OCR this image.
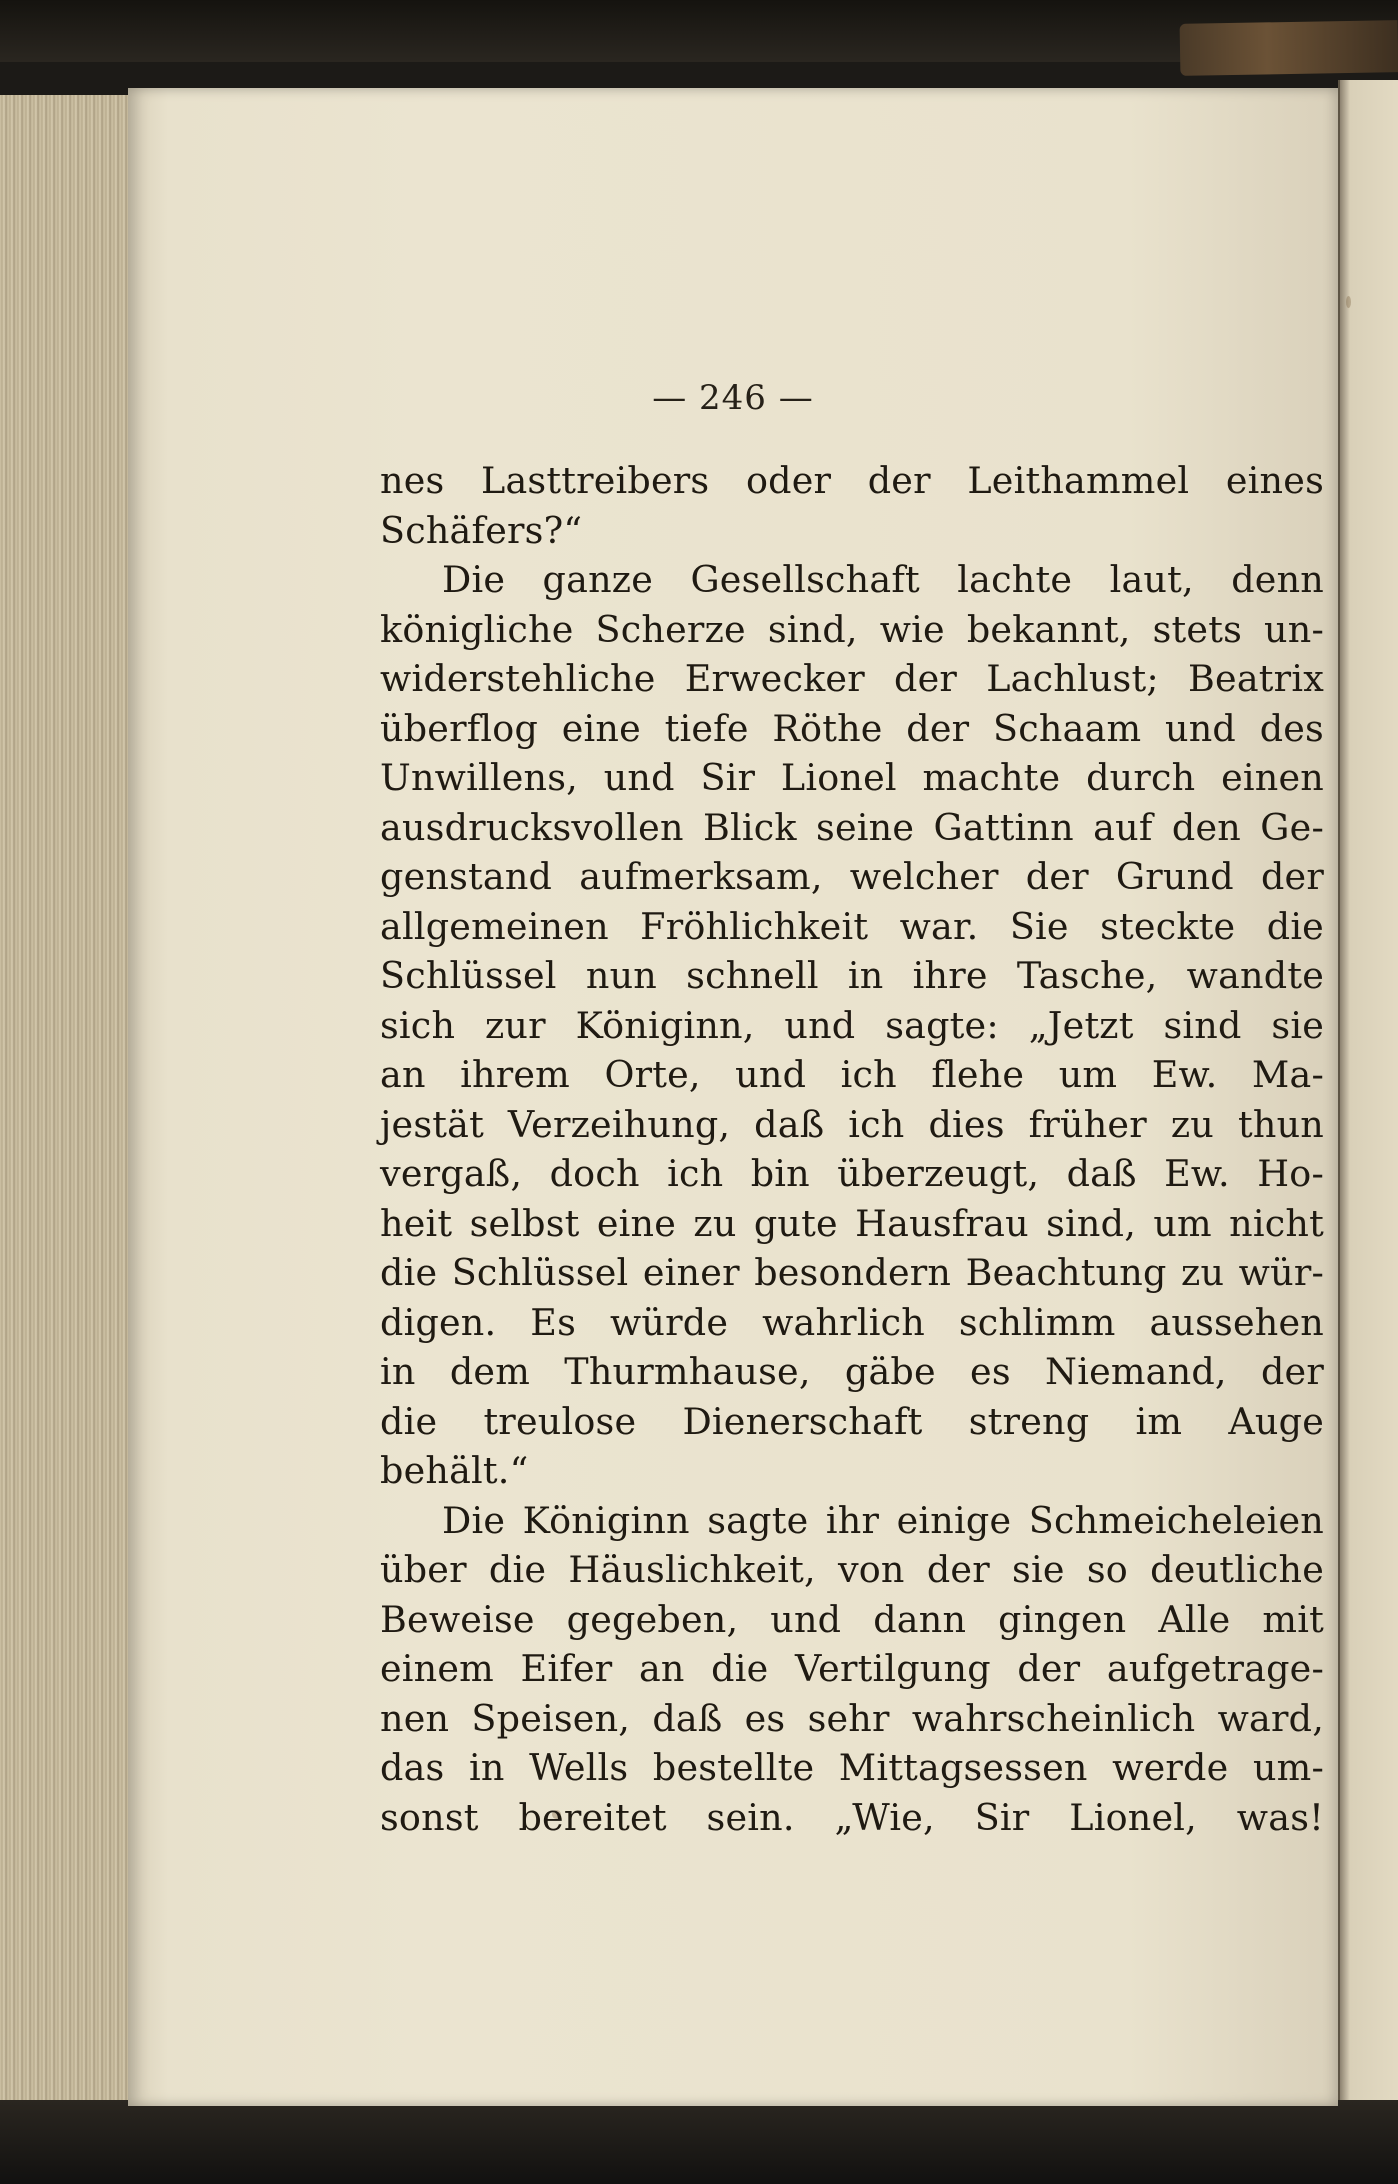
— 246 —
nes Lasttreibers oder der Leithammel eines
Schäfers?“
Die ganze Gesellschaft lachte laut, denn
königliche Scherze sind, wie bekannt, stets un-
widerstehliche Erwecker der Lachlust; Beatrix
überflog eine tiefe Röthe der Schaam und des
Unwillens, und Sir Lionel machte durch einen
ausdrucksvollen Blick seine Gattinn auf den Ge-
genstand aufmerksam, welcher der Grund der
allgemeinen Fröhlichkeit war. Sie steckte die
Schlüssel nun schnell in ihre Tasche, wandte
sich zur Königinn, und sagte: „Jetzt sind sie
an ihrem Orte, und ich flehe um Ew. Ma-
jestät Verzeihung, daß ich dies früher zu thun
vergaß, doch ich bin überzeugt, daß Ew. Ho-
heit selbst eine zu gute Hausfrau sind, um nicht
die Schlüssel einer besondern Beachtung zu wür-
digen. Es würde wahrlich schlimm aussehen
in dem Thurmhause, gäbe es Niemand, der
die treulose Dienerschaft streng im Auge
behält.“
Die Königinn sagte ihr einige Schmeicheleien
über die Häuslichkeit, von der sie so deutliche
Beweise gegeben, und dann gingen Alle mit
einem Eifer an die Vertilgung der aufgetrage-
nen Speisen, daß es sehr wahrscheinlich ward,
das in Wells bestellte Mittagsessen werde um-
sonst bereitet sein. „Wie, Sir Lionel, was!
